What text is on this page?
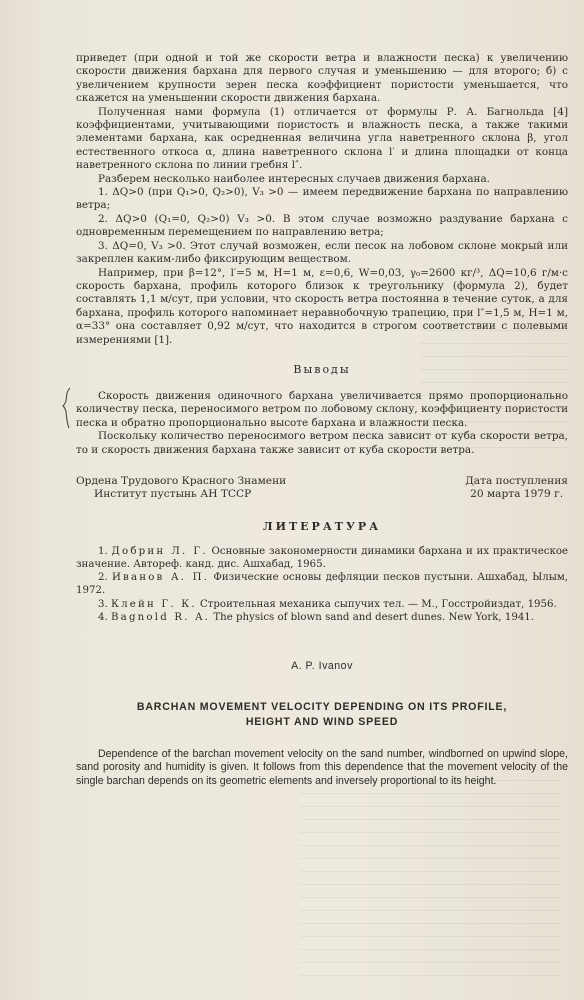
приведет (при одной и той же скорости ветра и влажности песка) к увеличению скорости движения бархана для первого случая и уменьшению — для второго; б) с увеличением крупности зерен песка коэффициент пористости уменьшается, что скажется на уменьшении скорости движения бархана.

Полученная нами формула (1) отличается от формулы Р. А. Багнольда [4] коэффициентами, учитывающими пористость и влажность песка, а также такими элементами бархана, как осредненная величина угла наветренного склона β, угол естественного откоса α, длина наветренного склона l′ и длина площадки от конца наветренного склона по линии гребня l″.

Разберем несколько наиболее интересных случаев движения бархана.

1. ΔQ>0 (при Q₁>0, Q₂>0), V₃ >0 — имеем передвижение бархана по направлению ветра;

2. ΔQ>0 (Q₁=0, Q₂>0) V₃ >0. В этом случае возможно раздувание бархана с одновременным перемещением по направлению ветра;

3. ΔQ=0, V₃ >0. Этот случай возможен, если песок на лобовом склоне мокрый или закреплен каким-либо фиксирующим веществом.

Например, при β=12°, l′=5 м, H=1 м, ε=0,6, W=0,03, γ₀=2600 кг/³, ΔQ=10,6 г/м·с скорость бархана, профиль которого близок к треугольнику (формула 2), будет составлять 1,1 м/сут, при условии, что скорость ветра постоянна в течение суток, а для бархана, профиль которого напоминает неравнобочную трапецию, при l″=1,5 м, H=1 м, α=33° она составляет 0,92 м/сут, что находится в строгом соответствии с полевыми измерениями [1].

Выводы

Скорость движения одиночного бархана увеличивается прямо пропорционально количеству песка, переносимого ветром по лобовому склону, коэффициенту пористости песка и обратно пропорционально высоте бархана и влажности песка.

Поскольку количество переносимого ветром песка зависит от куба скорости ветра, то и скорость движения бархана также зависит от куба скорости ветра.

Ордена Трудового Красного Знамени
Институт пустынь АН ТССР
Дата поступления
20 марта 1979 г.
ЛИТЕРАТУРА

1. Добрин Л. Г. Основные закономерности динамики бархана и их практическое значение. Автореф. канд. дис. Ашхабад, 1965.

2. Иванов А. П. Физические основы дефляции песков пустыни. Ашхабад, Ылым, 1972.

3. Клейн Г. К. Строительная механика сыпучих тел. — М., Госстройиздат, 1956.

4. Bagnold R. A. The physics of blown sand and desert dunes. New York, 1941.

A. P. Ivanov
BARCHAN MOVEMENT VELOCITY DEPENDING ON ITS PROFILE,
HEIGHT AND WIND SPEED

Dependence of the barchan movement velocity on the sand number, windborned on upwind slope, sand porosity and humidity is given. It follows from this dependence that the movement velocity of the single barchan depends on its geometric elements and inversely proportional to its height.
